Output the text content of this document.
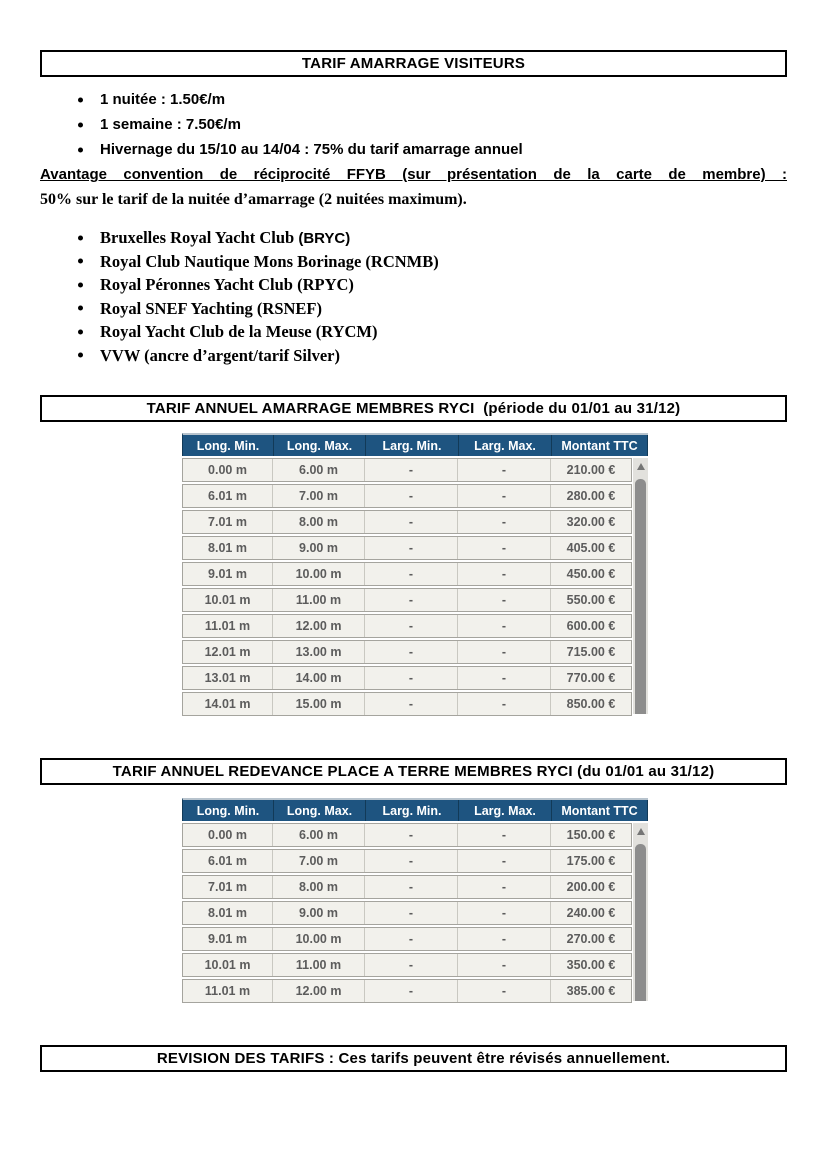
TARIF AMARRAGE VISITEURS
1 nuitée : 1.50€/m
1 semaine : 7.50€/m
Hivernage du 15/10 au 14/04 : 75% du tarif amarrage annuel
Avantage convention de réciprocité FFYB (sur présentation de la carte de membre) :
50% sur le tarif de la nuitée d’amarrage (2 nuitées maximum).
Bruxelles Royal Yacht Club (BRYC)
Royal Club Nautique Mons Borinage (RCNMB)
Royal Péronnes Yacht Club (RPYC)
Royal SNEF Yachting (RSNEF)
Royal Yacht Club de la Meuse (RYCM)
VVW (ancre d’argent/tarif Silver)
TARIF ANNUEL AMARRAGE MEMBRES RYCI  (période du 01/01 au 31/12)
Long. Min.	Long. Max.	Larg. Min.	Larg. Max.	Montant TTC
0.00 m	6.00 m	-	-	210.00 €
6.01 m	7.00 m	-	-	280.00 €
7.01 m	8.00 m	-	-	320.00 €
8.01 m	9.00 m	-	-	405.00 €
9.01 m	10.00 m	-	-	450.00 €
10.01 m	11.00 m	-	-	550.00 €
11.01 m	12.00 m	-	-	600.00 €
12.01 m	13.00 m	-	-	715.00 €
13.01 m	14.00 m	-	-	770.00 €
14.01 m	15.00 m	-	-	850.00 €
TARIF ANNUEL REDEVANCE PLACE A TERRE MEMBRES RYCI (du 01/01 au 31/12)
Long. Min.	Long. Max.	Larg. Min.	Larg. Max.	Montant TTC
0.00 m	6.00 m	-	-	150.00 €
6.01 m	7.00 m	-	-	175.00 €
7.01 m	8.00 m	-	-	200.00 €
8.01 m	9.00 m	-	-	240.00 €
9.01 m	10.00 m	-	-	270.00 €
10.01 m	11.00 m	-	-	350.00 €
11.01 m	12.00 m	-	-	385.00 €
REVISION DES TARIFS : Ces tarifs peuvent être révisés annuellement.
